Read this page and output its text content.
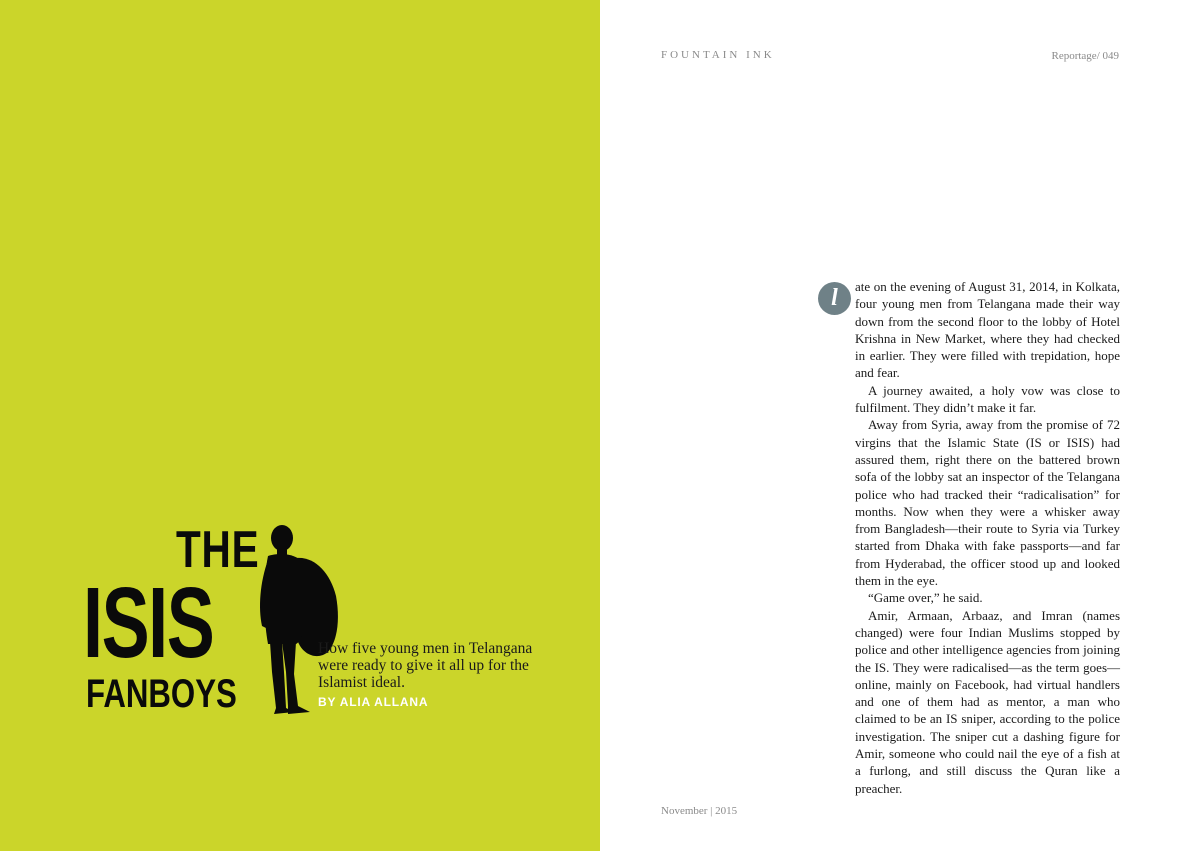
THE
ISIS
FANBOYS

How five young men in Telangana were ready to give it all up for the Islamist ideal.

BY ALIA ALLANA

FOUNTAIN INK	Reportage/ 049

l	ate on the evening of August 31, 2014, in Kolkata, four young men from Telangana made their way down from the second floor to the lobby of Hotel Krishna in New Market, where they had checked in earlier. They were filled with trepidation, hope and fear.

A journey awaited, a holy vow was close to fulfilment. They didn’t make it far.

Away from Syria, away from the promise of 72 virgins that the Islamic State (IS or ISIS) had assured them, right there on the battered brown sofa of the lobby sat an inspector of the Telangana police who had tracked their “radicalisation” for months. Now when they were a whisker away from Bangladesh—their route to Syria via Turkey started from Dhaka with fake passports—and far from Hyderabad, the officer stood up and looked them in the eye.

“Game over,” he said.

Amir, Armaan, Arbaaz, and Imran (names changed) were four Indian Muslims stopped by police and other intelligence agencies from joining the IS. They were radicalised—as the term goes—online, mainly on Facebook, had virtual handlers and one of them had as mentor, a man who claimed to be an IS sniper, according to the police investigation. The sniper cut a dashing figure for Amir, someone who could nail the eye of a fish at a furlong, and still discuss the Quran like a preacher.

November | 2015
